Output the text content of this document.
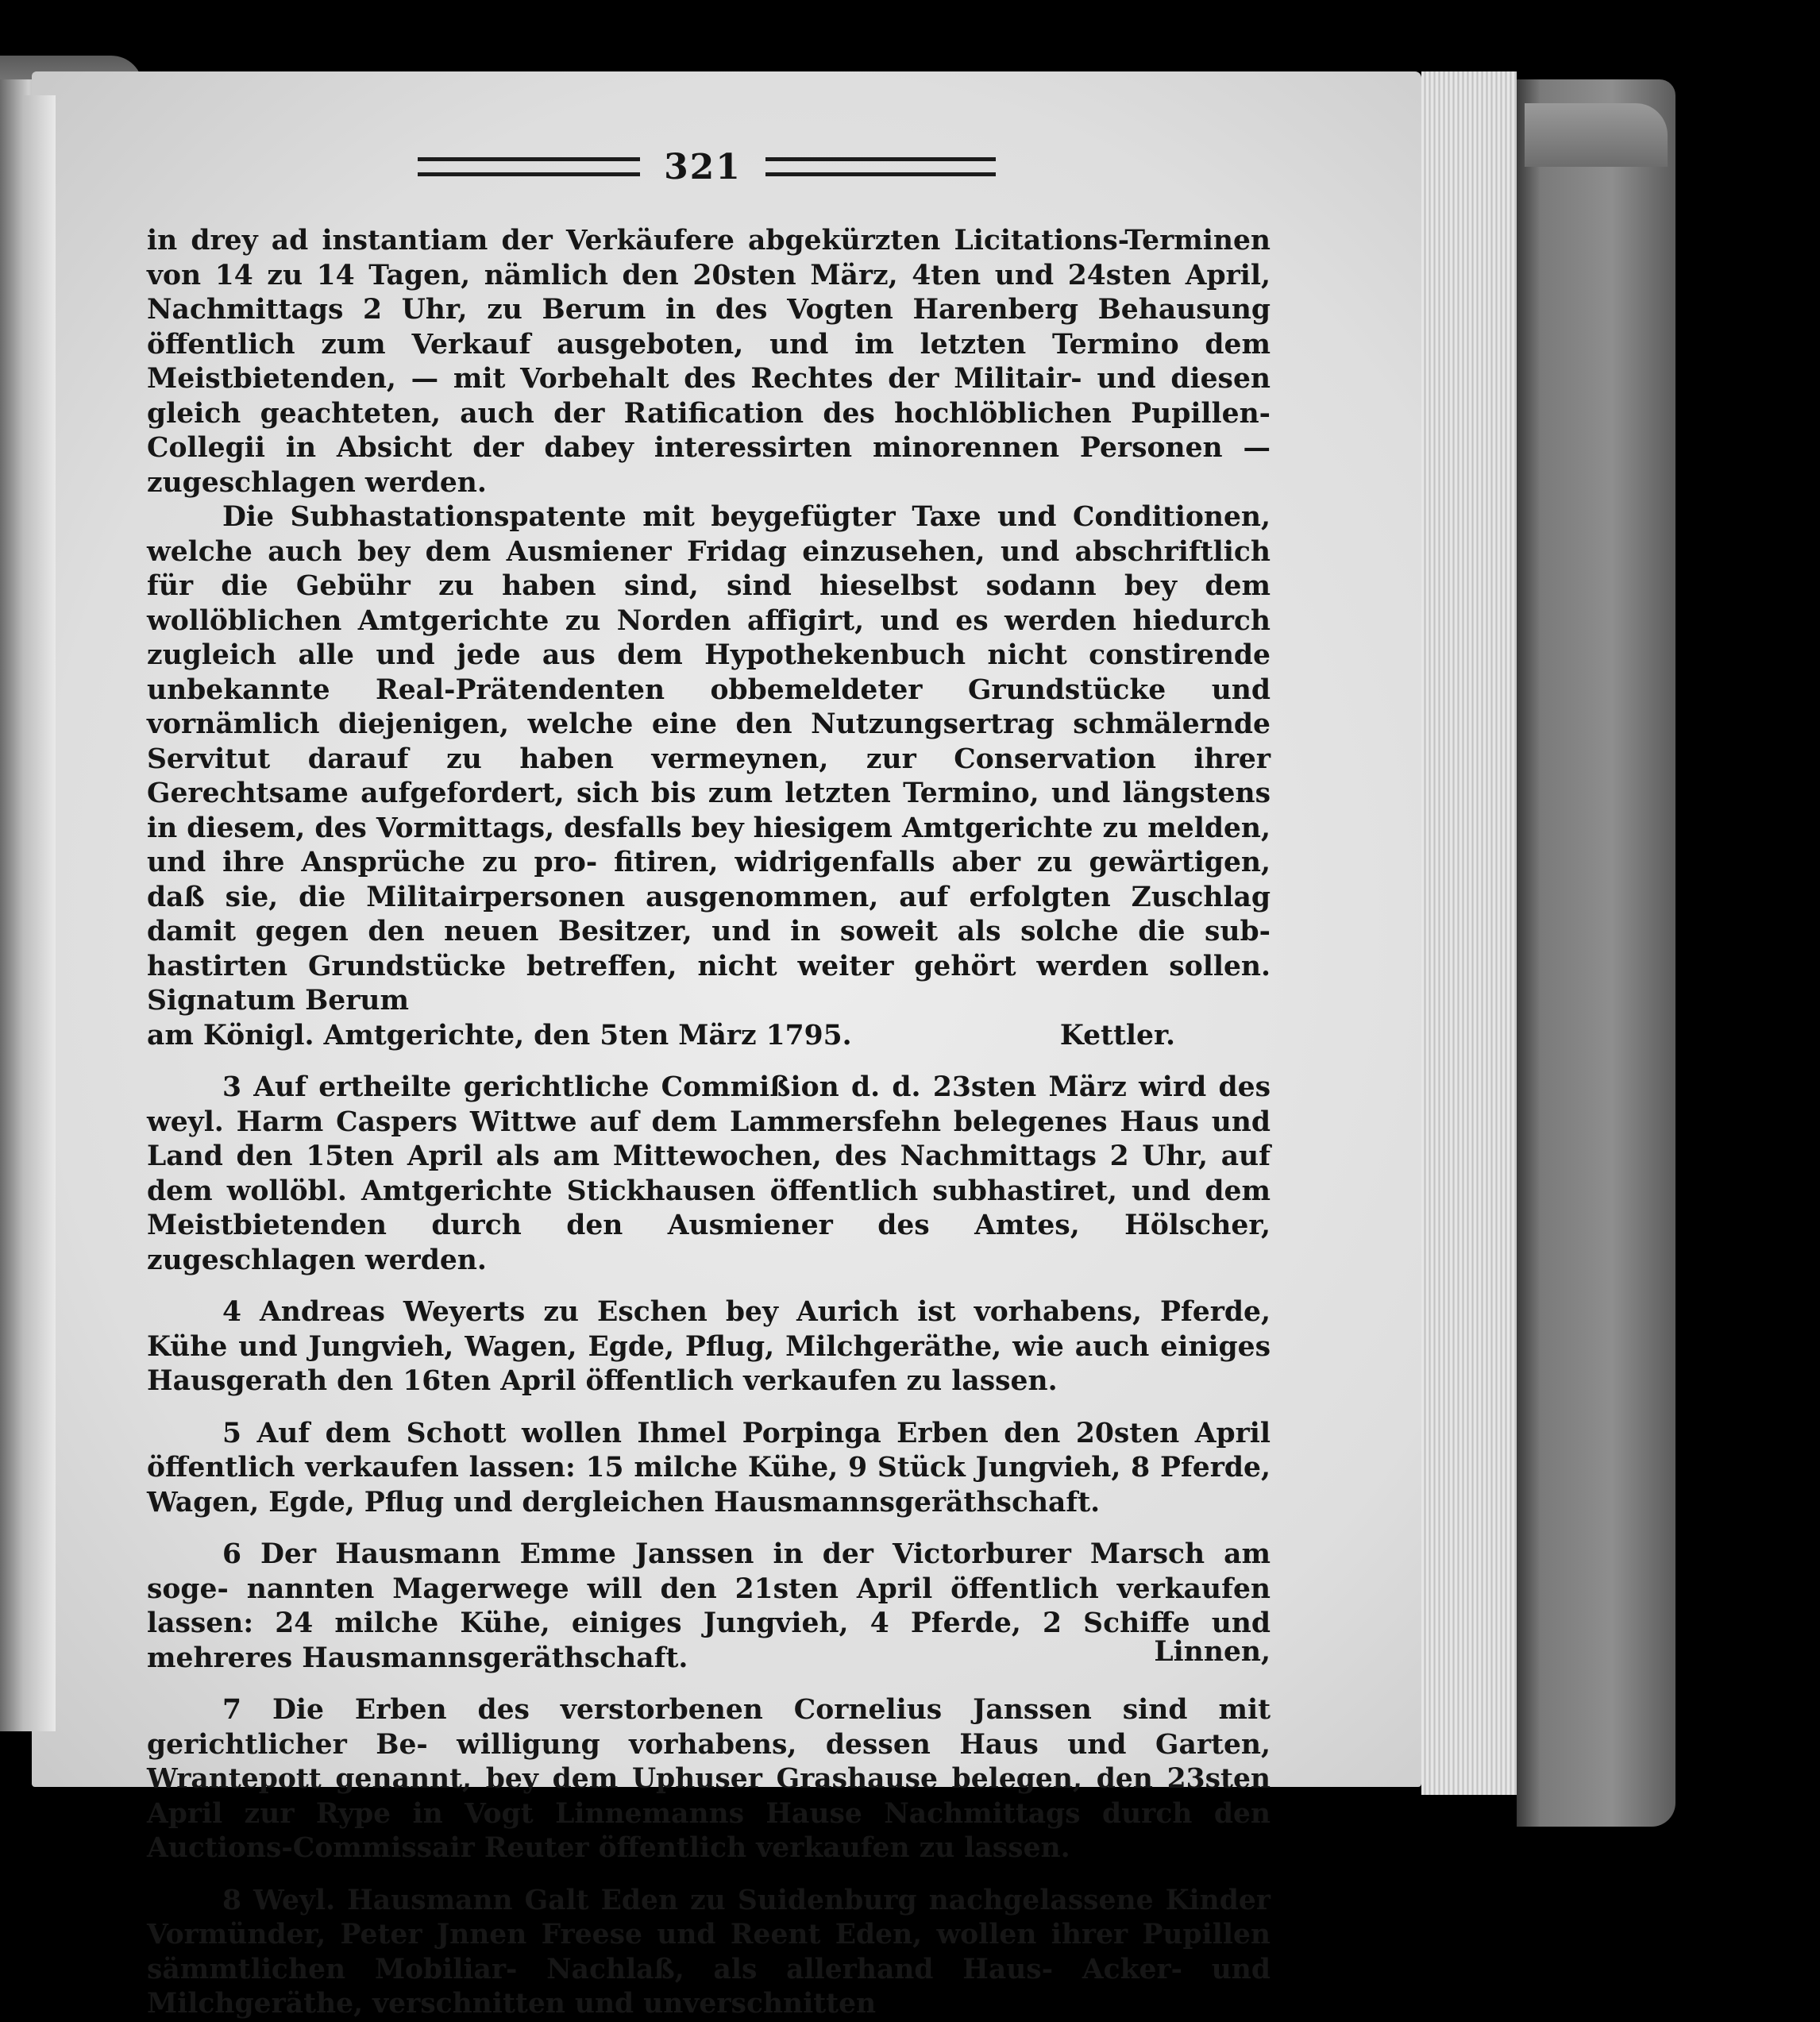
321

in drey ad instantiam der Verkäufere abgekürzten Licitations-Terminen von 14 zu 14 Tagen, nämlich den 20sten März, 4ten und 24sten April, Nachmittags 2 Uhr, zu Berum in des Vogten Harenberg Behausung öffentlich zum Verkauf ausgeboten, und im letzten Termino dem Meistbietenden, — mit Vorbehalt des Rechtes der Militair- und diesen gleich geachteten, auch der Ratification des hochlöblichen Pupillen-Collegii in Absicht der dabey interessirten minorennen Personen — zugeschlagen werden.

Die Subhastationspatente mit beygefügter Taxe und Conditionen, welche auch bey dem Ausmiener Fridag einzusehen, und abschriftlich für die Gebühr zu haben sind, sind hieselbst sodann bey dem wollöblichen Amtgerichte zu Norden affigirt, und es werden hiedurch zugleich alle und jede aus dem Hypothekenbuch nicht constirende unbekannte Real-Prätendenten obbemeldeter Grundstücke und vornämlich diejenigen, welche eine den Nutzungsertrag schmälernde Servitut darauf zu haben vermeynen, zur Conservation ihrer Gerechtsame aufgefordert, sich bis zum letzten Termino, und längstens in diesem, des Vormittags, desfalls bey hiesigem Amtgerichte zu melden, und ihre Ansprüche zu pro- fitiren, widrigenfalls aber zu gewärtigen, daß sie, die Militairpersonen ausgenommen, auf erfolgten Zuschlag damit gegen den neuen Besitzer, und in soweit als solche die sub- hastirten Grundstücke betreffen, nicht weiter gehört werden sollen. Signatum Berum

am Königl. Amtgerichte, den 5ten März 1795.	Kettler.

3 Auf ertheilte gerichtliche Commißion d. d. 23sten März wird des weyl. Harm Caspers Wittwe auf dem Lammersfehn belegenes Haus und Land den 15ten April als am Mittewochen, des Nachmittags 2 Uhr, auf dem wollöbl. Amtgerichte Stickhausen öffentlich subhastiret, und dem Meistbietenden durch den Ausmiener des Amtes, Hölscher, zugeschlagen werden.

4 Andreas Weyerts zu Eschen bey Aurich ist vorhabens, Pferde, Kühe und Jungvieh, Wagen, Egde, Pflug, Milchgeräthe, wie auch einiges Hausgerath den 16ten April öffentlich verkaufen zu lassen.

5 Auf dem Schott wollen Ihmel Porpinga Erben den 20sten April öffentlich verkaufen lassen: 15 milche Kühe, 9 Stück Jungvieh, 8 Pferde, Wagen, Egde, Pflug und dergleichen Hausmannsgeräthschaft.

6 Der Hausmann Emme Janssen in der Victorburer Marsch am soge- nannten Magerwege will den 21sten April öffentlich verkaufen lassen: 24 milche Kühe, einiges Jungvieh, 4 Pferde, 2 Schiffe und mehreres Hausmannsgeräthschaft.

7 Die Erben des verstorbenen Cornelius Janssen sind mit gerichtlicher Be- willigung vorhabens, dessen Haus und Garten, Wrantepott genannt, bey dem Uphuser Grashause belegen, den 23sten April zur Rype in Vogt Linnemanns Hause Nachmittags durch den Auctions-Commissair Reuter öffentlich verkaufen zu lassen.

8 Weyl. Hausmann Galt Eden zu Suidenburg nachgelassene Kinder Vormünder, Peter Jnnen Freese und Reent Eden, wollen ihrer Pupillen sämmtlichen Mobiliar- Nachlaß, als allerhand Haus- Acker- und Milchgeräthe, verschnitten und unverschnitten

Linnen,
